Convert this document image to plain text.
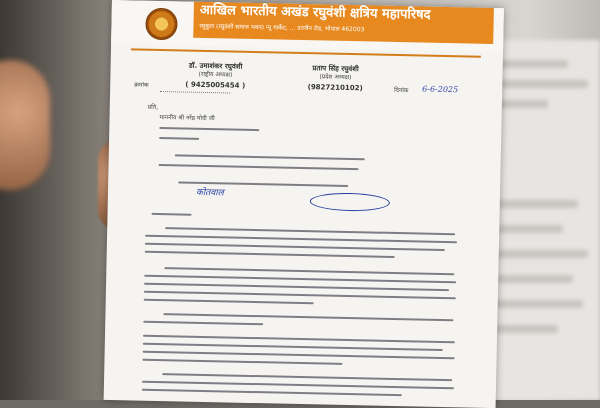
आखिल भारतीय अखंड रघुवंशी क्षत्रिय महापरिषद
रघुकुल (रघुवंशी समाज भवन) न्यू मार्केट, ... उज्जैन रोड, भोपाल 462003
डॉ. उमाशंकर रघुवंशी
(राष्ट्रीय अध्यक्ष)
( 9425005454 )
प्रताप सिंह रघुवंशी
(प्रदेश अध्यक्ष)
(9827210102)
क्रमांक
दिनांक 6-6-2025
प्रति,
माननीय श्री नरेंद्र मोदी जी
कोतवाल
